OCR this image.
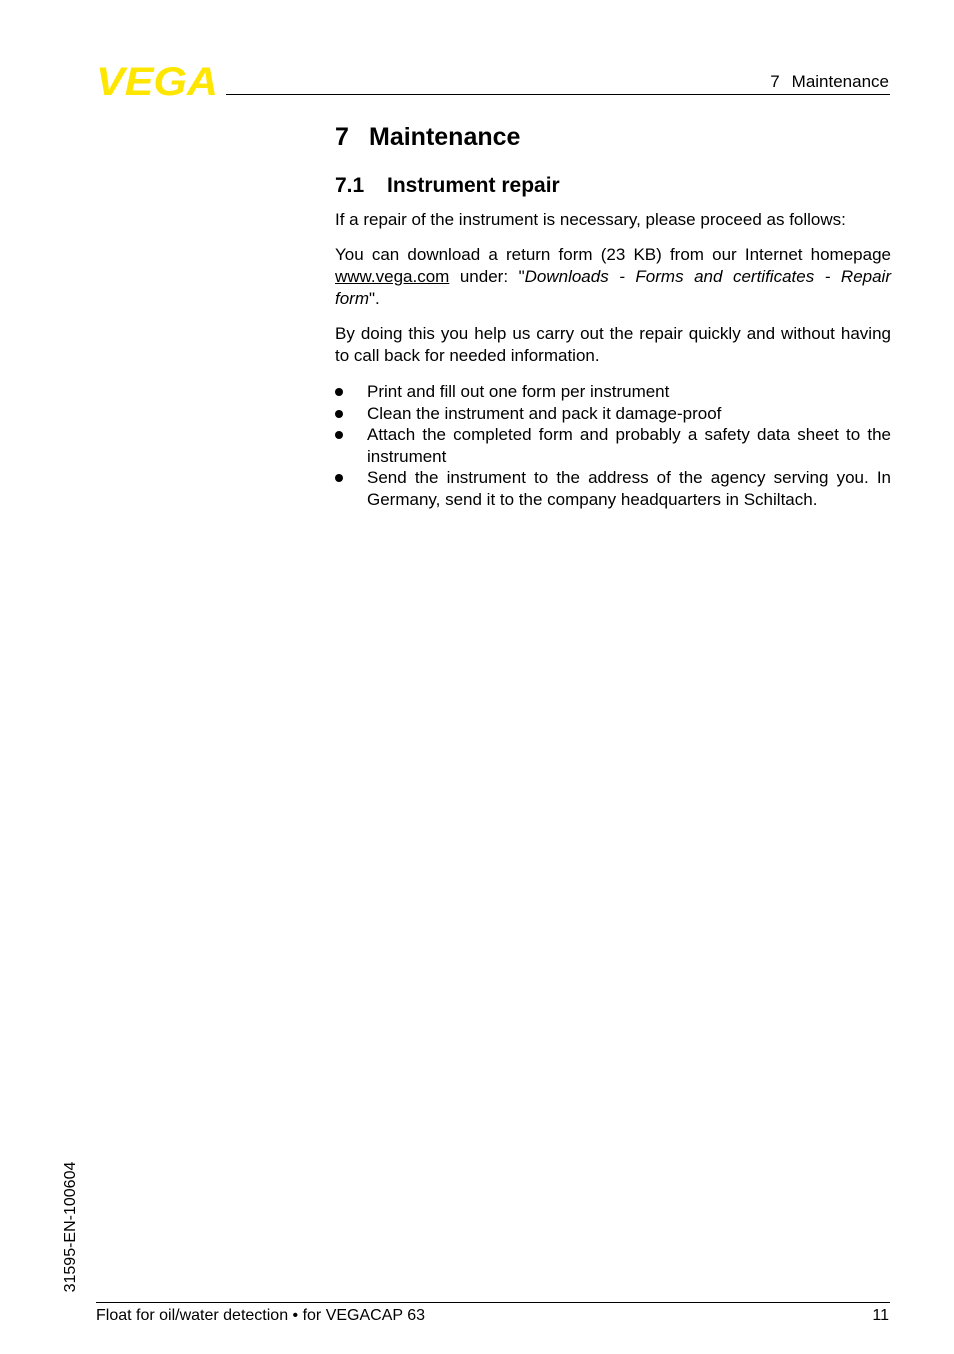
VEGA	7 Maintenance
7 Maintenance
7.1 Instrument repair

If a repair of the instrument is necessary, please proceed as follows:

You can download a return form (23 KB) from our Internet homepage www.vega.com under: "Downloads - Forms and certificates - Repair form".

By doing this you help us carry out the repair quickly and without having to call back for needed information.

Print and fill out one form per instrument
Clean the instrument and pack it damage-proof
Attach the completed form and probably a safety data sheet to the instrument
Send the instrument to the address of the agency serving you. In Germany, send it to the company headquarters in Schiltach.
31595-EN-100604
Float for oil/water detection • for VEGACAP 63	11
